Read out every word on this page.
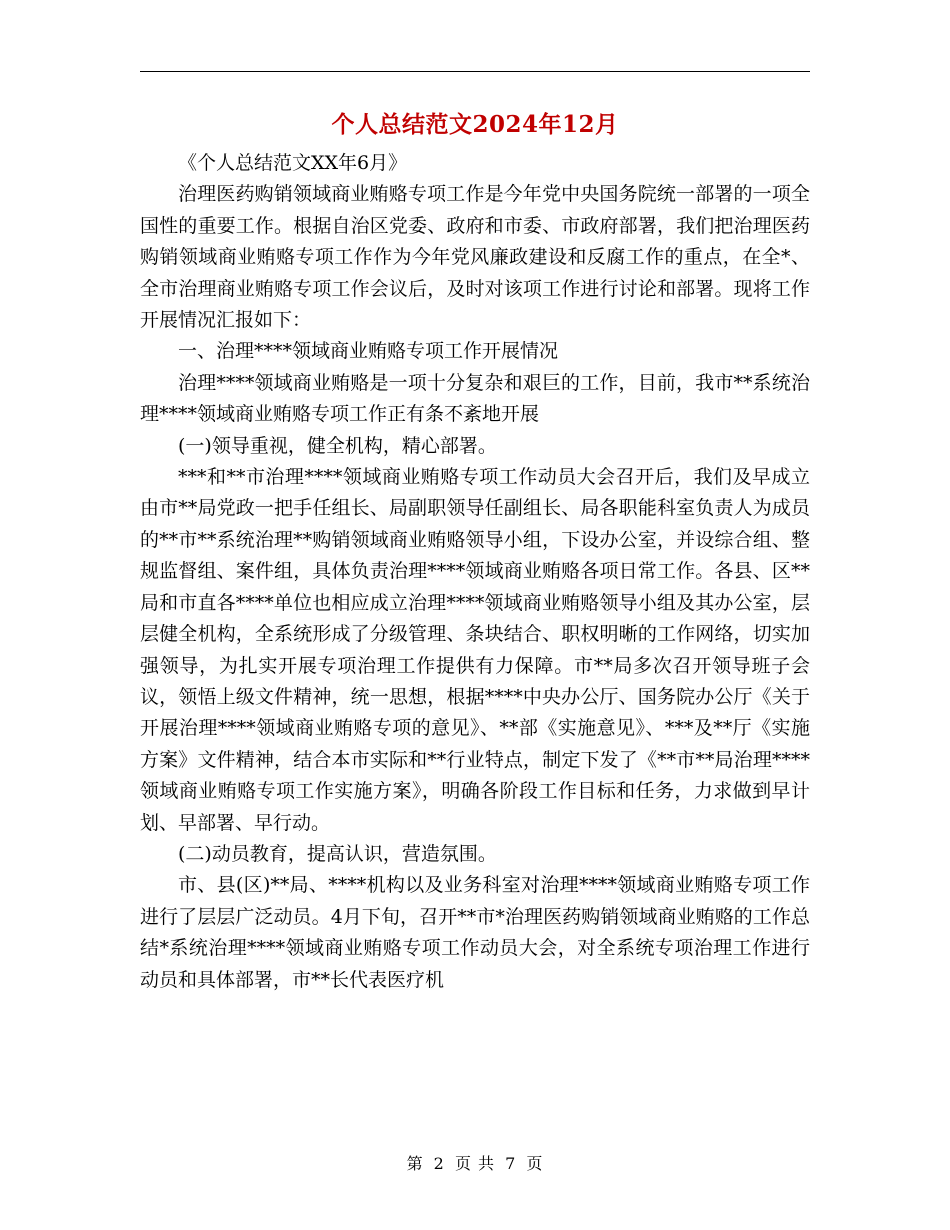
个人总结范文2024年12月

《个人总结范文XX年6月》

治理医药购销领域商业贿赂专项工作是今年党中央国务院统一部署的一项全国性的重要工作。根据自治区党委、政府和市委、市政府部署，我们把治理医药购销领域商业贿赂专项工作作为今年党风廉政建设和反腐工作的重点，在全*、全市治理商业贿赂专项工作会议后，及时对该项工作进行讨论和部署。现将工作开展情况汇报如下：

一、治理****领域商业贿赂专项工作开展情况

治理****领域商业贿赂是一项十分复杂和艰巨的工作，目前，我市**系统治理****领域商业贿赂专项工作正有条不紊地开展

(一)领导重视，健全机构，精心部署。

***和**市治理****领域商业贿赂专项工作动员大会召开后，我们及早成立由市**局党政一把手任组长、局副职领导任副组长、局各职能科室负责人为成员的**市**系统治理**购销领域商业贿赂领导小组，下设办公室，并设综合组、整规监督组、案件组，具体负责治理****领域商业贿赂各项日常工作。各县、区**局和市直各****单位也相应成立治理****领域商业贿赂领导小组及其办公室，层层健全机构，全系统形成了分级管理、条块结合、职权明晰的工作网络，切实加强领导，为扎实开展专项治理工作提供有力保障。市**局多次召开领导班子会议，领悟上级文件精神，统一思想，根据****中央办公厅、国务院办公厅《关于开展治理****领域商业贿赂专项的意见》、**部《实施意见》、***及**厅《实施方案》文件精神，结合本市实际和**行业特点，制定下发了《**市**局治理****领域商业贿赂专项工作实施方案》，明确各阶段工作目标和任务，力求做到早计划、早部署、早行动。

(二)动员教育，提高认识，营造氛围。

市、县(区)**局、****机构以及业务科室对治理****领域商业贿赂专项工作进行了层层广泛动员。4月下旬，召开**市*治理医药购销领域商业贿赂的工作总结*系统治理****领域商业贿赂专项工作动员大会，对全系统专项治理工作进行动员和具体部署，市**长代表医疗机

第 2 页 共 7 页
